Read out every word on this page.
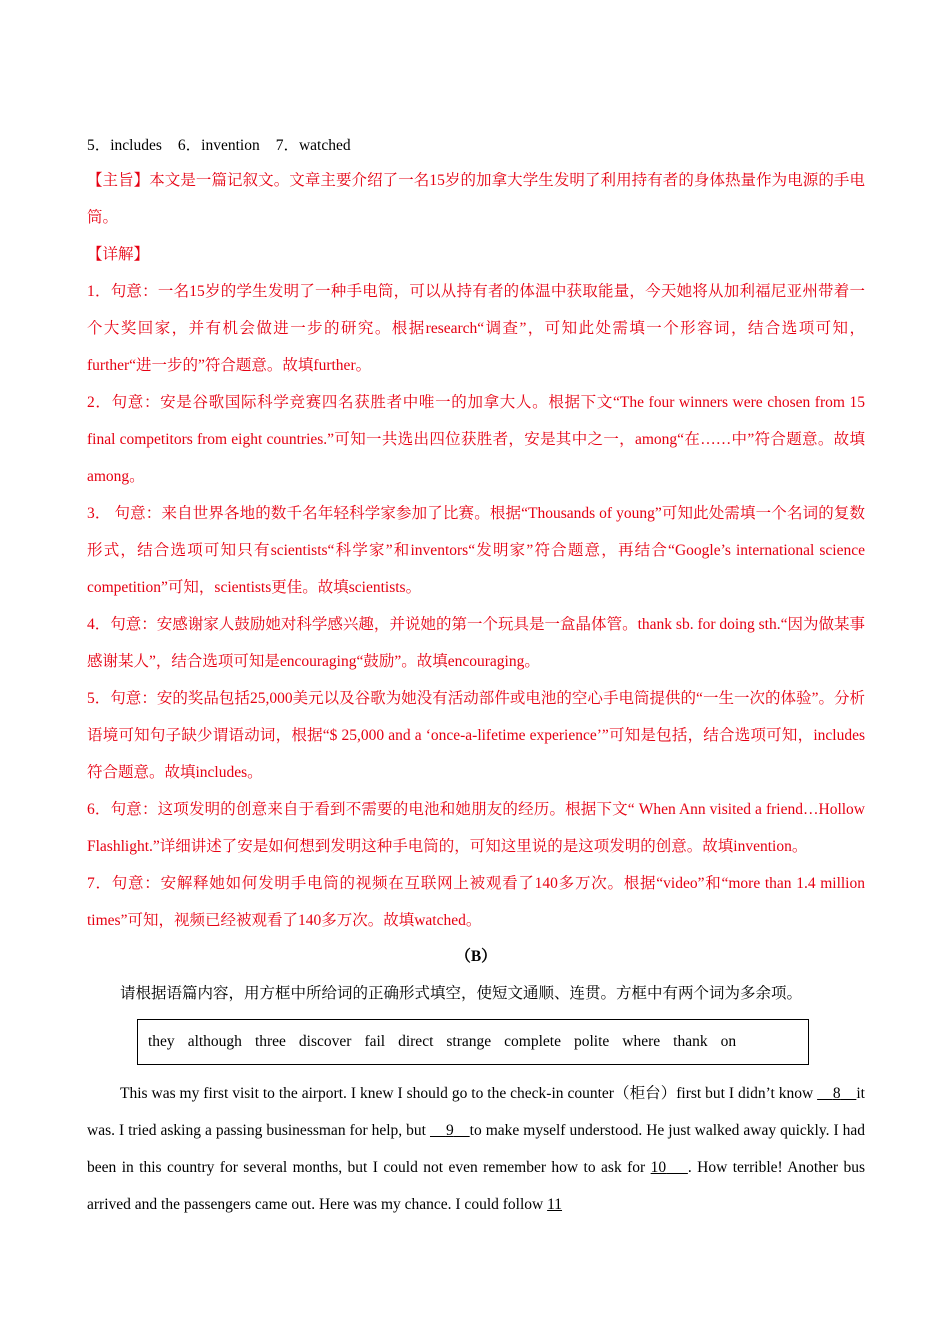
5．includes 6．invention 7．watched
【主旨】本文是一篇记叙文。文章主要介绍了一名15岁的加拿大学生发明了利用持有者的身体热量作为电源的手电筒。
【详解】
1．句意：一名15岁的学生发明了一种手电筒，可以从持有者的体温中获取能量，今天她将从加利福尼亚州带着一个大奖回家，并有机会做进一步的研究。根据research“调查”，可知此处需填一个形容词，结合选项可知，further“进一步的”符合题意。故填further。
2．句意：安是谷歌国际科学竞赛四名获胜者中唯一的加拿大人。根据下文“The four winners were chosen from 15 final competitors from eight countries.”可知一共选出四位获胜者，安是其中之一，among“在……中”符合题意。故填among。
3． 句意：来自世界各地的数千名年轻科学家参加了比赛。根据“Thousands of young”可知此处需填一个名词的复数形式，结合选项可知只有scientists“科学家”和inventors“发明家”符合题意，再结合“Google’s international science competition”可知，scientists更佳。故填scientists。
4．句意：安感谢家人鼓励她对科学感兴趣，并说她的第一个玩具是一盒晶体管。thank sb. for doing sth.“因为做某事感谢某人”，结合选项可知是encouraging“鼓励”。故填encouraging。
5．句意：安的奖品包括25,000美元以及谷歌为她没有活动部件或电池的空心手电筒提供的“一生一次的体验”。分析语境可知句子缺少谓语动词，根据“$ 25,000 and a ‘once-a-lifetime experience’”可知是包括，结合选项可知，includes符合题意。故填includes。
6．句意：这项发明的创意来自于看到不需要的电池和她朋友的经历。根据下文“ When Ann visited a friend…Hollow Flashlight.”详细讲述了安是如何想到发明这种手电筒的，可知这里说的是这项发明的创意。故填invention。
7．句意：安解释她如何发明手电筒的视频在互联网上被观看了140多万次。根据“video”和“more than 1.4 million times”可知，视频已经被观看了140多万次。故填watched。
（B）
请根据语篇内容，用方框中所给词的正确形式填空，使短文通顺、连贯。方框中有两个词为多余项。
they although three discover fail direct strange complete polite where thank on
This was my first visit to the airport. I knew I should go to the check-in counter（柜台）first but I didn’t know     8 it was. I tried asking a passing businessman for help, but     9 to make myself understood. He just walked away quickly. I had been in this country for several months, but I could not even remember how to ask for 10 . How terrible! Another bus arrived and the passengers came out. Here was my chance. I could follow 11
